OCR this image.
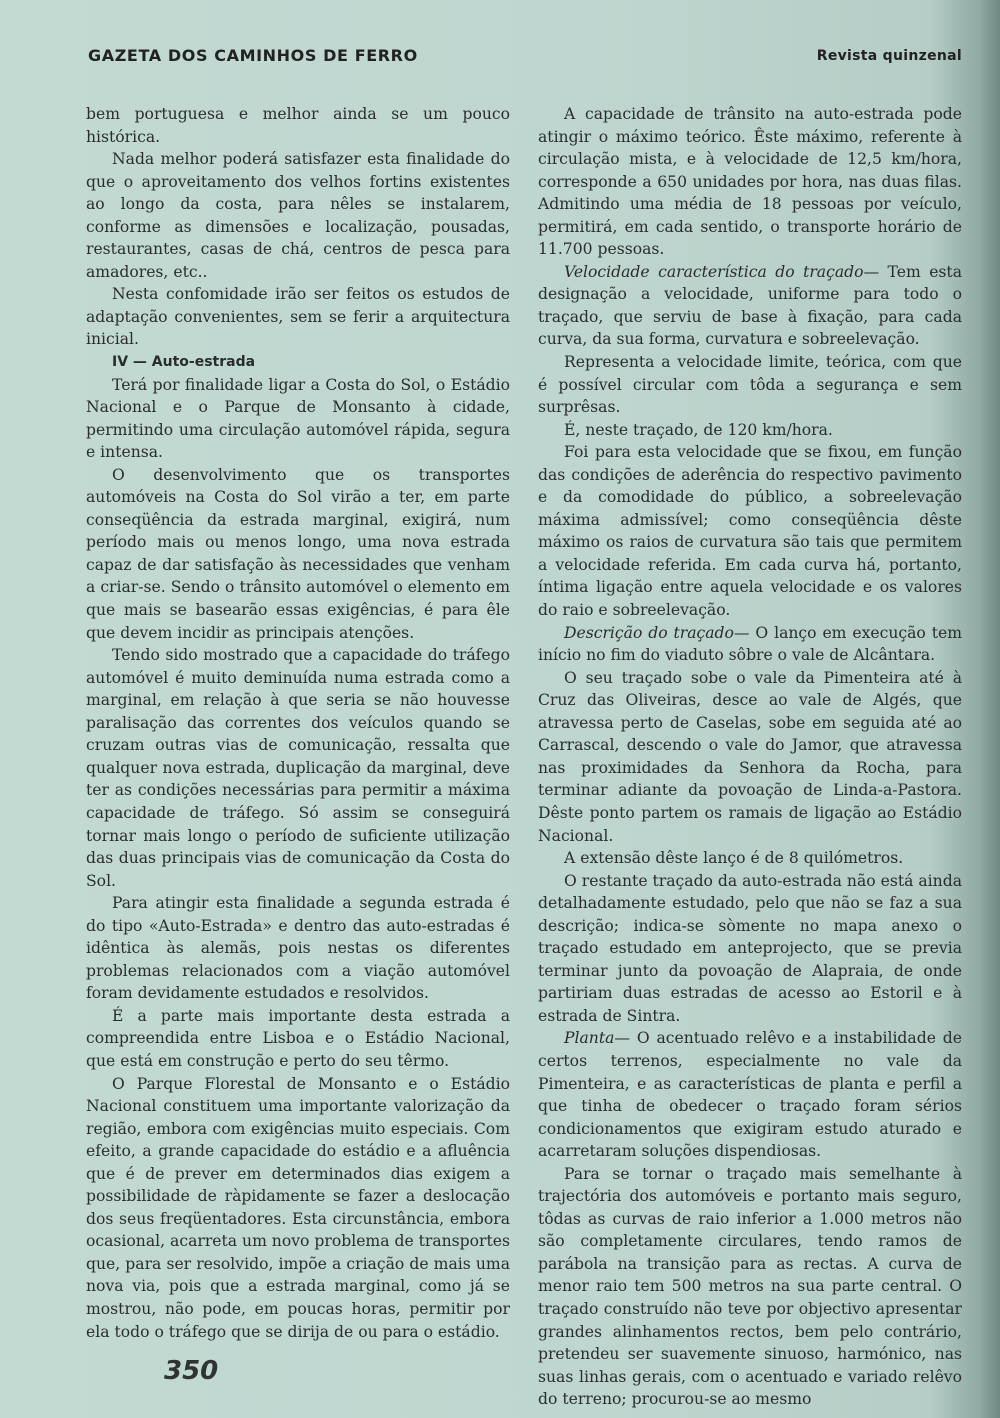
GAZETA DOS CAMINHOS DE FERRO	Revista quinzenal

bem portuguesa e melhor ainda se um pouco histórica.

Nada melhor poderá satisfazer esta finalidade do que o aproveitamento dos velhos fortins existentes ao longo da costa, para nêles se instalarem, conforme as dimensões e localização, pousadas, restaurantes, casas de chá, centros de pesca para amadores, etc..

Nesta confomidade irão ser feitos os estudos de adaptação convenientes, sem se ferir a arquitectura inicial.

IV — Auto-estrada

Terá por finalidade ligar a Costa do Sol, o Estádio Nacional e o Parque de Monsanto à cidade, permitindo uma circulação automóvel rápida, segura e intensa.

O desenvolvimento que os transportes automóveis na Costa do Sol virão a ter, em parte conseqüência da estrada marginal, exigirá, num período mais ou menos longo, uma nova estrada capaz de dar satisfação às necessidades que venham a criar-se. Sendo o trânsito automóvel o elemento em que mais se basearão essas exigências, é para êle que devem incidir as principais atenções.

Tendo sido mostrado que a capacidade do tráfego automóvel é muito deminuída numa estrada como a marginal, em relação à que seria se não houvesse paralisação das correntes dos veículos quando se cruzam outras vias de comunicação, ressalta que qualquer nova estrada, duplicação da marginal, deve ter as condições necessárias para permitir a máxima capacidade de tráfego. Só assim se conseguirá tornar mais longo o período de suficiente utilização das duas principais vias de comunicação da Costa do Sol.

Para atingir esta finalidade a segunda estrada é do tipo «Auto-Estrada» e dentro das auto-estradas é idêntica às alemãs, pois nestas os diferentes problemas relacionados com a viação automóvel foram devidamente estudados e resolvidos.

É a parte mais importante desta estrada a compreendida entre Lisboa e o Estádio Nacional, que está em construção e perto do seu têrmo.

O Parque Florestal de Monsanto e o Estádio Nacional constituem uma importante valorização da região, embora com exigências muito especiais. Com efeito, a grande capacidade do estádio e a afluência que é de prever em determinados dias exigem a possibilidade de ràpidamente se fazer a deslocação dos seus freqüentadores. Esta circunstância, embora ocasional, acarreta um novo problema de transportes que, para ser resolvido, impõe a criação de mais uma nova via, pois que a estrada marginal, como já se mostrou, não pode, em poucas horas, permitir por ela todo o tráfego que se dirija de ou para o estádio.

A capacidade de trânsito na auto-estrada pode atingir o máximo teórico. Êste máximo, referente à circulação mista, e à velocidade de 12,5 km/hora, corresponde a 650 unidades por hora, nas duas filas. Admitindo uma média de 18 pessoas por veículo, permitirá, em cada sentido, o transporte horário de 11.700 pessoas.

Velocidade característica do traçado— Tem esta designação a velocidade, uniforme para todo o traçado, que serviu de base à fixação, para cada curva, da sua forma, curvatura e sobreelevação.

Representa a velocidade limite, teórica, com que é possível circular com tôda a segurança e sem surprêsas.

É, neste traçado, de 120 km/hora.

Foi para esta velocidade que se fixou, em função das condições de aderência do respectivo pavimento e da comodidade do público, a sobreelevação máxima admissível; como conseqüência dêste máximo os raios de curvatura são tais que permitem a velocidade referida. Em cada curva há, portanto, íntima ligação entre aquela velocidade e os valores do raio e sobreelevação.

Descrição do traçado— O lanço em execução tem início no fim do viaduto sôbre o vale de Alcântara.

O seu traçado sobe o vale da Pimenteira até à Cruz das Oliveiras, desce ao vale de Algés, que atravessa perto de Caselas, sobe em seguida até ao Carrascal, descendo o vale do Jamor, que atravessa nas proximidades da Senhora da Rocha, para terminar adiante da povoação de Linda-a-Pastora. Dêste ponto partem os ramais de ligação ao Estádio Nacional.

A extensão dêste lanço é de 8 quilómetros.

O restante traçado da auto-estrada não está ainda detalhadamente estudado, pelo que não se faz a sua descrição; indica-se sòmente no mapa anexo o traçado estudado em anteprojecto, que se previa terminar junto da povoação de Alapraia, de onde partiriam duas estradas de acesso ao Estoril e à estrada de Sintra.

Planta— O acentuado relêvo e a instabilidade de certos terrenos, especialmente no vale da Pimenteira, e as características de planta e perfil a que tinha de obedecer o traçado foram sérios condicionamentos que exigiram estudo aturado e acarretaram soluções dispendiosas.

Para se tornar o traçado mais semelhante à trajectória dos automóveis e portanto mais seguro, tôdas as curvas de raio inferior a 1.000 metros não são completamente circulares, tendo ramos de parábola na transição para as rectas. A curva de menor raio tem 500 metros na sua parte central. O traçado construído não teve por objectivo apresentar grandes alinhamentos rectos, bem pelo contrário, pretendeu ser suavemente sinuoso, harmónico, nas suas linhas gerais, com o acentuado e variado relêvo do terreno; procurou-se ao mesmo

350
